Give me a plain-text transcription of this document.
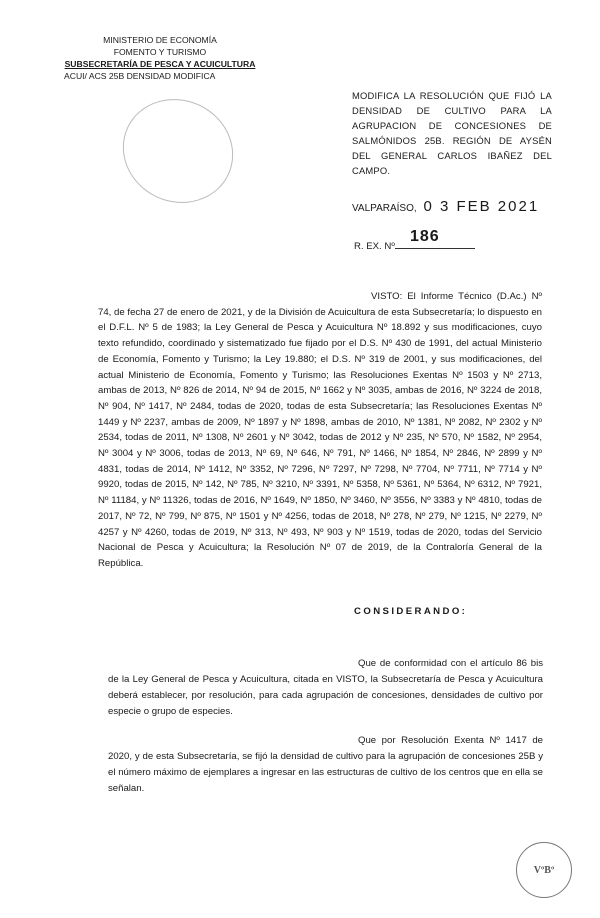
MINISTERIO DE ECONOMÍA
FOMENTO Y TURISMO
SUBSECRETARÍA DE PESCA Y ACUICULTURA
ACUI/ ACS 25B DENSIDAD MODIFICA
MODIFICA LA RESOLUCIÓN QUE FIJÓ LA DENSIDAD DE CULTIVO PARA LA AGRUPACION DE CONCESIONES DE SALMÓNIDOS 25B. REGIÓN DE AYSÉN DEL GENERAL CARLOS IBAÑEZ DEL CAMPO.
VALPARAÍSO, 0 3 FEB 2021
R. EX. Nº
186
VISTO: El Informe Técnico (D.Ac.) Nº 74, de fecha 27 de enero de 2021, y de la División de Acuicultura de esta Subsecretaría; lo dispuesto en el D.F.L. Nº 5 de 1983; la Ley General de Pesca y Acuicultura Nº 18.892 y sus modificaciones, cuyo texto refundido, coordinado y sistematizado fue fijado por el D.S. Nº 430 de 1991, del actual Ministerio de Economía, Fomento y Turismo; la Ley 19.880; el D.S. Nº 319 de 2001, y sus modificaciones, del actual Ministerio de Economía, Fomento y Turismo; las Resoluciones Exentas Nº 1503 y Nº 2713, ambas de 2013, Nº 826 de 2014, Nº 94 de 2015, Nº 1662 y Nº 3035, ambas de 2016, Nº 3224 de 2018, Nº 904, Nº 1417, Nº 2484, todas de 2020, todas de esta Subsecretaría; las Resoluciones Exentas Nº 1449 y Nº 2237, ambas de 2009, Nº 1897 y Nº 1898, ambas de 2010, Nº 1381, Nº 2082, Nº 2302 y Nº 2534, todas de 2011, Nº 1308, Nº 2601 y Nº 3042, todas de 2012 y Nº 235, Nº 570, Nº 1582, Nº 2954, Nº 3004 y Nº 3006, todas de 2013, Nº 69, Nº 646, Nº 791, Nº 1466, Nº 1854, Nº 2846, Nº 2899 y Nº 4831, todas de 2014, Nº 1412, Nº 3352, Nº 7296, Nº 7297, Nº 7298, Nº 7704, Nº 7711, Nº 7714 y Nº 9920, todas de 2015, Nº 142, Nº 785, Nº 3210, Nº 3391, Nº 5358, Nº 5361, Nº 5364, Nº 6312, Nº 7921, Nº 11184, y Nº 11326, todas de 2016, Nº 1649, Nº 1850, Nº 3460, Nº 3556, Nº 3383 y Nº 4810, todas de 2017, Nº 72, Nº 799, Nº 875, Nº 1501 y Nº 4256, todas de 2018, Nº 278, Nº 279, Nº 1215, Nº 2279, Nº 4257 y Nº 4260, todas de 2019, Nº 313, Nº 493, Nº 903 y Nº 1519, todas de 2020, todas del Servicio Nacional de Pesca y Acuicultura; la Resolución Nº 07 de 2019, de la Contraloría General de la República.
CONSIDERANDO:
Que de conformidad con el artículo 86 bis de la Ley General de Pesca y Acuicultura, citada en VISTO, la Subsecretaría de Pesca y Acuicultura deberá establecer, por resolución, para cada agrupación de concesiones, densidades de cultivo por especie o grupo de especies.
Que por Resolución Exenta Nº 1417 de 2020, y de esta Subsecretaría, se fijó la densidad de cultivo para la agrupación de concesiones 25B y el número máximo de ejemplares a ingresar en las estructuras de cultivo de los centros que en ella se señalan.
VºBº
